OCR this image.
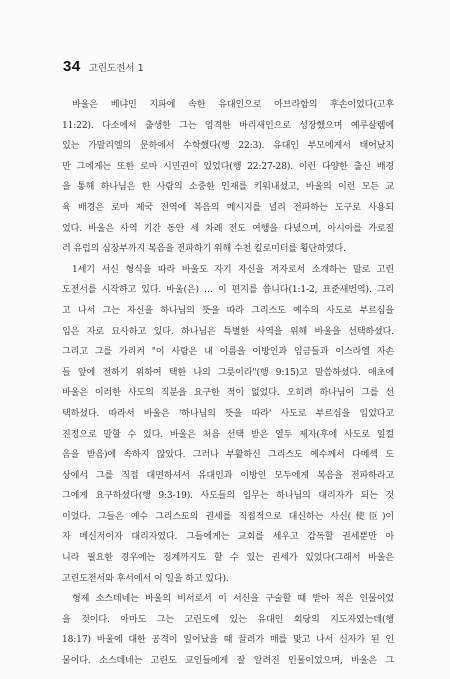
34 고린도전서 1
바울은 베냐민 지파에 속한 유대인으로 아브라함의 후손이었다(고후
11:22). 다소에서 출생한 그는 엄격한 바리새인으로 성장했으며 예루살렘에
있는 가말리엘의 문하에서 수학했다(행 22:3). 유대인 부모에게서 태어났지
만 그에게는 또한 로마 시민권이 있었다(행 22:27-28). 이런 다양한 출신 배경
을 통해 하나님은 한 사람의 소중한 인재를 키워내셨고, 바울의 이런 모든 교
육 배경은 로마 제국 전역에 복음의 메시지를 널리 전파하는 도구로 사용되
었다. 바울은 사역 기간 동안 세 차례 전도 여행을 다녔으며, 아시아를 가로질
러 유럽의 심장부까지 복음을 전파하기 위해 수천 킬로미터를 횡단하였다.
1세기 서신 형식을 따라 바울도 자기 자신을 저자로서 소개하는 말로 고린
도전서를 시작하고 있다. 바울(은) … 이 편지를 씁니다(1:1-2, 표준새번역). 그리
고 나서 그는 자신을 하나님의 뜻을 따라 그리스도 예수의 사도로 부르심을
입은 자로 묘사하고 있다. 하나님은 특별한 사역을 위해 바울을 선택하셨다.
그리고 그를 가리켜 "이 사람은 내 이름을 이방인과 임금들과 이스라엘 자손
들 앞에 전하기 위하여 택한 나의 그릇이라"(행 9:15)고 말씀하셨다. 애초에
바울은 이러한 사도의 직분을 요구한 적이 없었다. 오히려 하나님이 그를 선
택하셨다. 따라서 바울은 '하나님의 뜻을 따라' 사도로 부르심을 입었다고
진정으로 말할 수 있다. 바울은 처음 선택 받은 열두 제자(후에 사도로 일컬
음을 받음)에 속하지 않았다. 그러나 부활하신 그리스도 예수께서 다메섹 도
상에서 그를 직접 대면하셔서 유대인과 이방인 모두에게 복음을 전파하라고
그에게 요구하셨다(행 9:3-19). 사도들의 임무는 하나님의 대리자가 되는 것
이었다. 그들은 예수 그리스도의 권세를 직접적으로 대신하는 사신(使臣)이
자 메신저이자 대리자였다. 그들에게는 교회를 세우고 감독할 권세뿐만 아
니라 필요한 경우에는 징계까지도 할 수 있는 권세가 있었다(그래서 바울은
고린도전서와 후서에서 이 일을 하고 있다).
형제 소스데네는 바울의 비서로서 이 서신을 구술할 때 받아 적은 인물이었
을 것이다. 아마도 그는 고린도에 있는 유대인 회당의 지도자였는데(행
18:17) 바울에 대한 공격이 일어났을 때 끌려가 매를 맞고 나서 신자가 된 인
물이다. 소스데네는 고린도 교인들에게 잘 알려진 인물이었으며, 바울은 그
